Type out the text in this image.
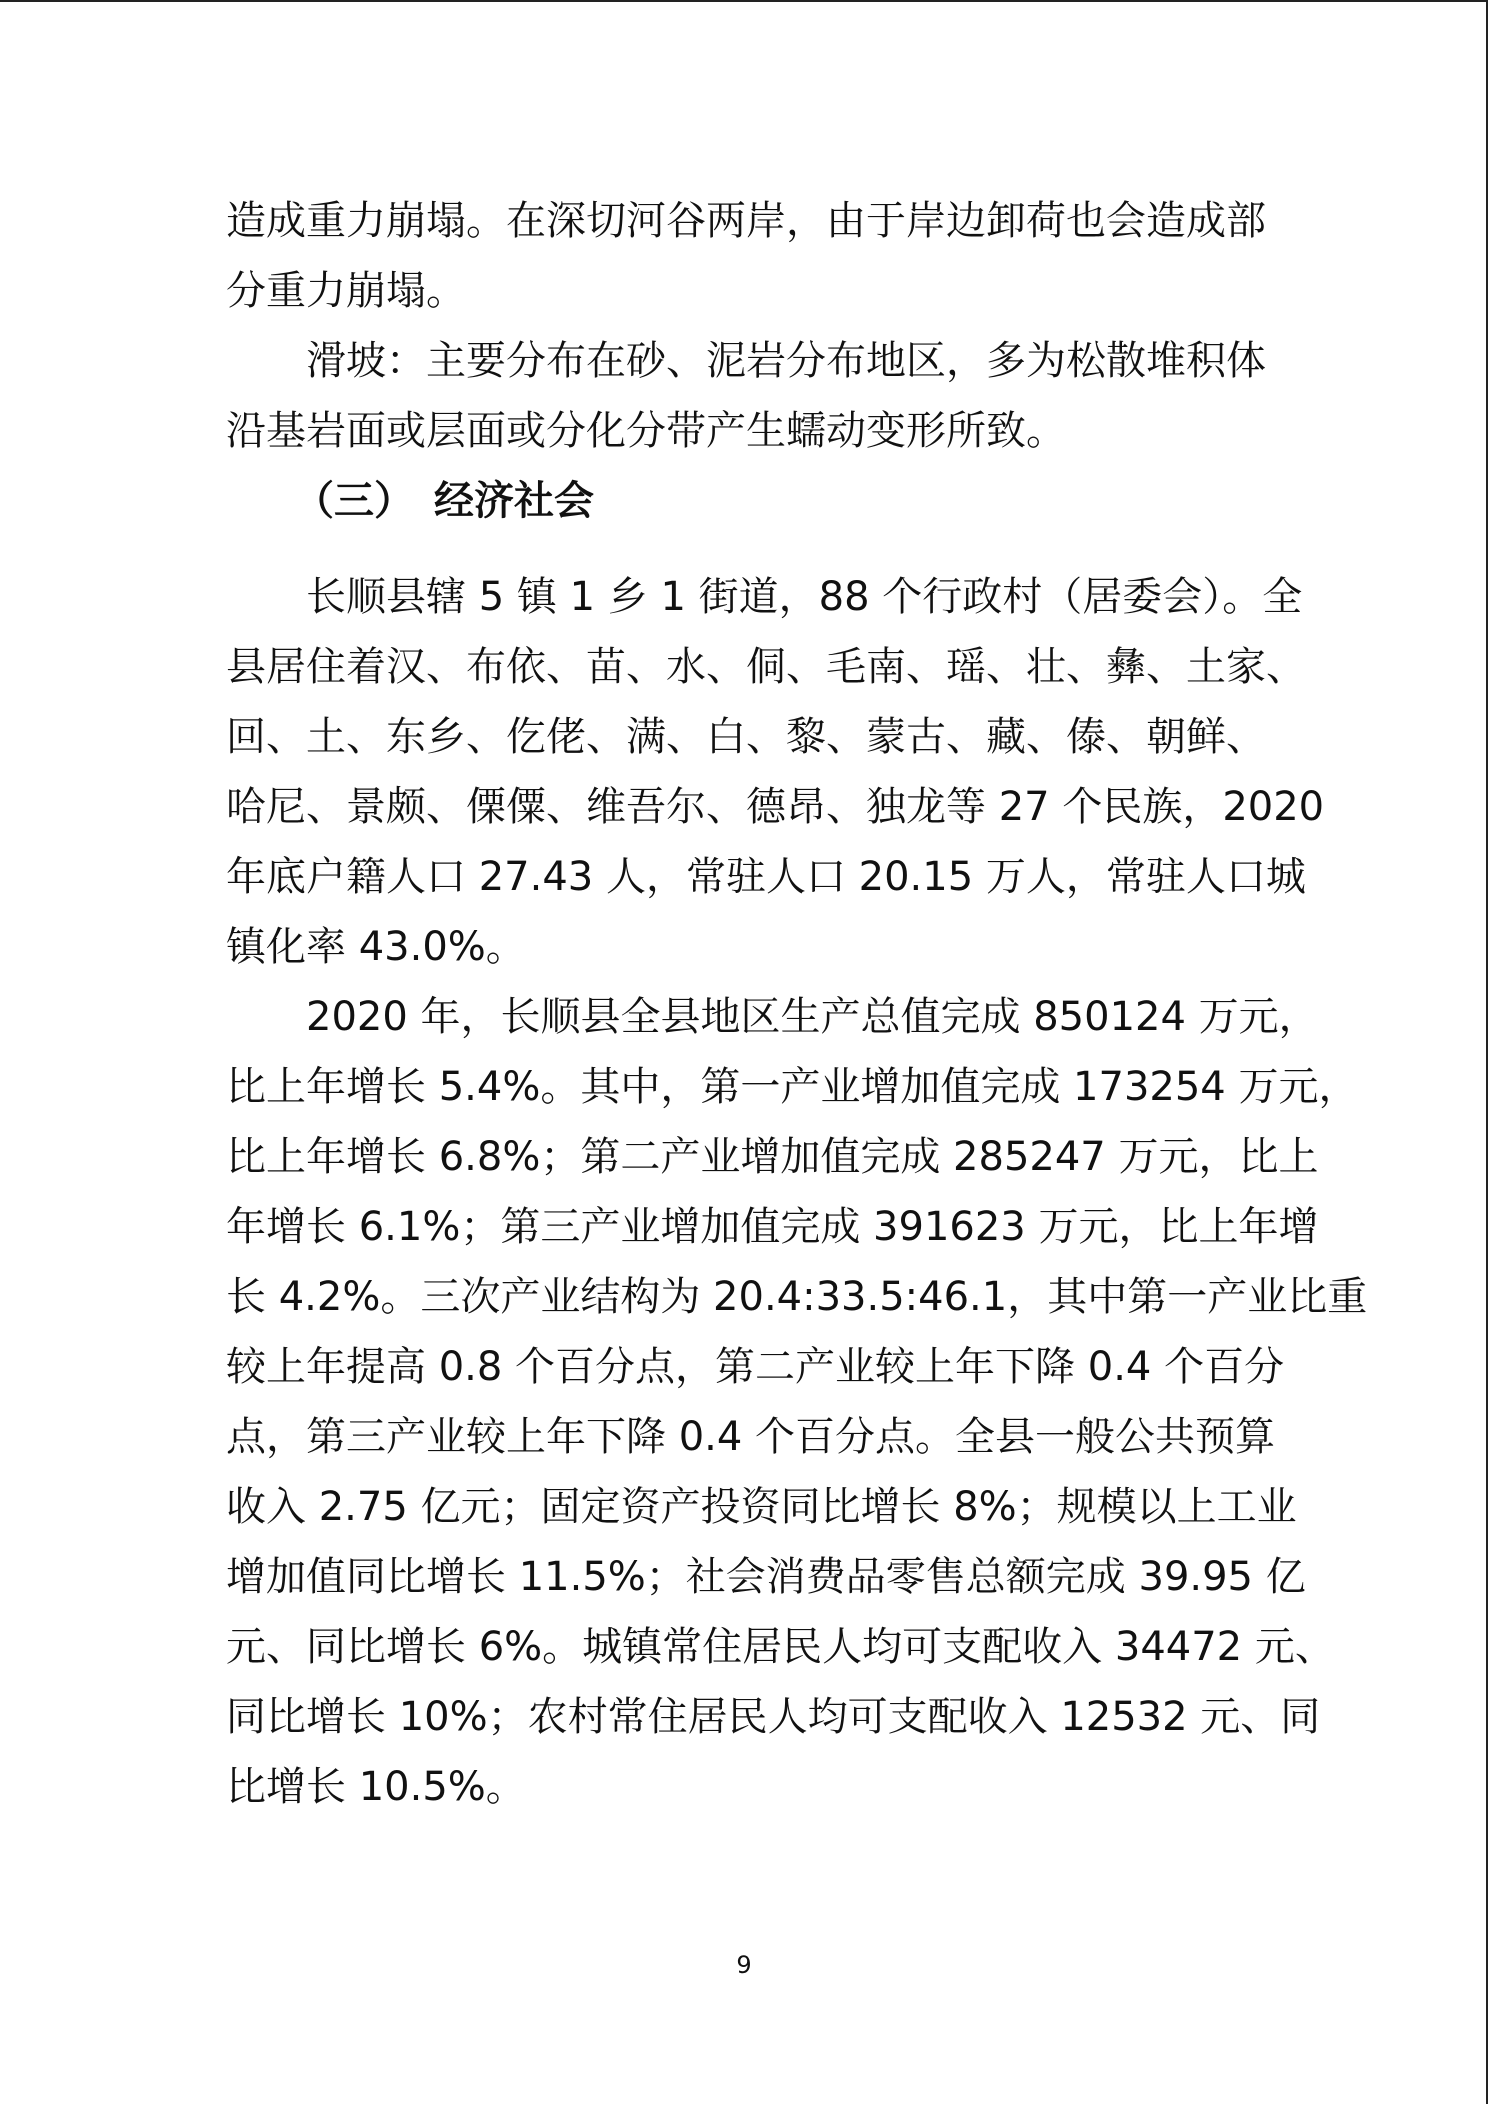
造成重力崩塌。在深切河谷两岸，由于岸边卸荷也会造成部
分重力崩塌。
滑坡：主要分布在砂、泥岩分布地区，多为松散堆积体
沿基岩面或层面或分化分带产生蠕动变形所致。
（三） 经济社会
长顺县辖 5 镇 1 乡 1 街道，88 个行政村（居委会）。全
县居住着汉、布依、苗、水、侗、毛南、瑶、壮、彝、土家、
回、土、东乡、仡佬、满、白、黎、蒙古、藏、傣、朝鲜、
哈尼、景颇、傈僳、维吾尔、德昂、独龙等 27 个民族，2020
年底户籍人口 27.43 人，常驻人口 20.15 万人，常驻人口城
镇化率 43.0%。
2020 年，长顺县全县地区生产总值完成 850124 万元，
比上年增长 5.4%。其中，第一产业增加值完成 173254 万元，
比上年增长 6.8%；第二产业增加值完成 285247 万元，比上
年增长 6.1%；第三产业增加值完成 391623 万元，比上年增
长 4.2%。三次产业结构为 20.4:33.5:46.1，其中第一产业比重
较上年提高 0.8 个百分点，第二产业较上年下降 0.4 个百分
点，第三产业较上年下降 0.4 个百分点。全县一般公共预算
收入 2.75 亿元；固定资产投资同比增长 8%；规模以上工业
增加值同比增长 11.5%；社会消费品零售总额完成 39.95 亿
元、同比增长 6%。城镇常住居民人均可支配收入 34472 元、
同比增长 10%；农村常住居民人均可支配收入 12532 元、同
比增长 10.5%。
9
